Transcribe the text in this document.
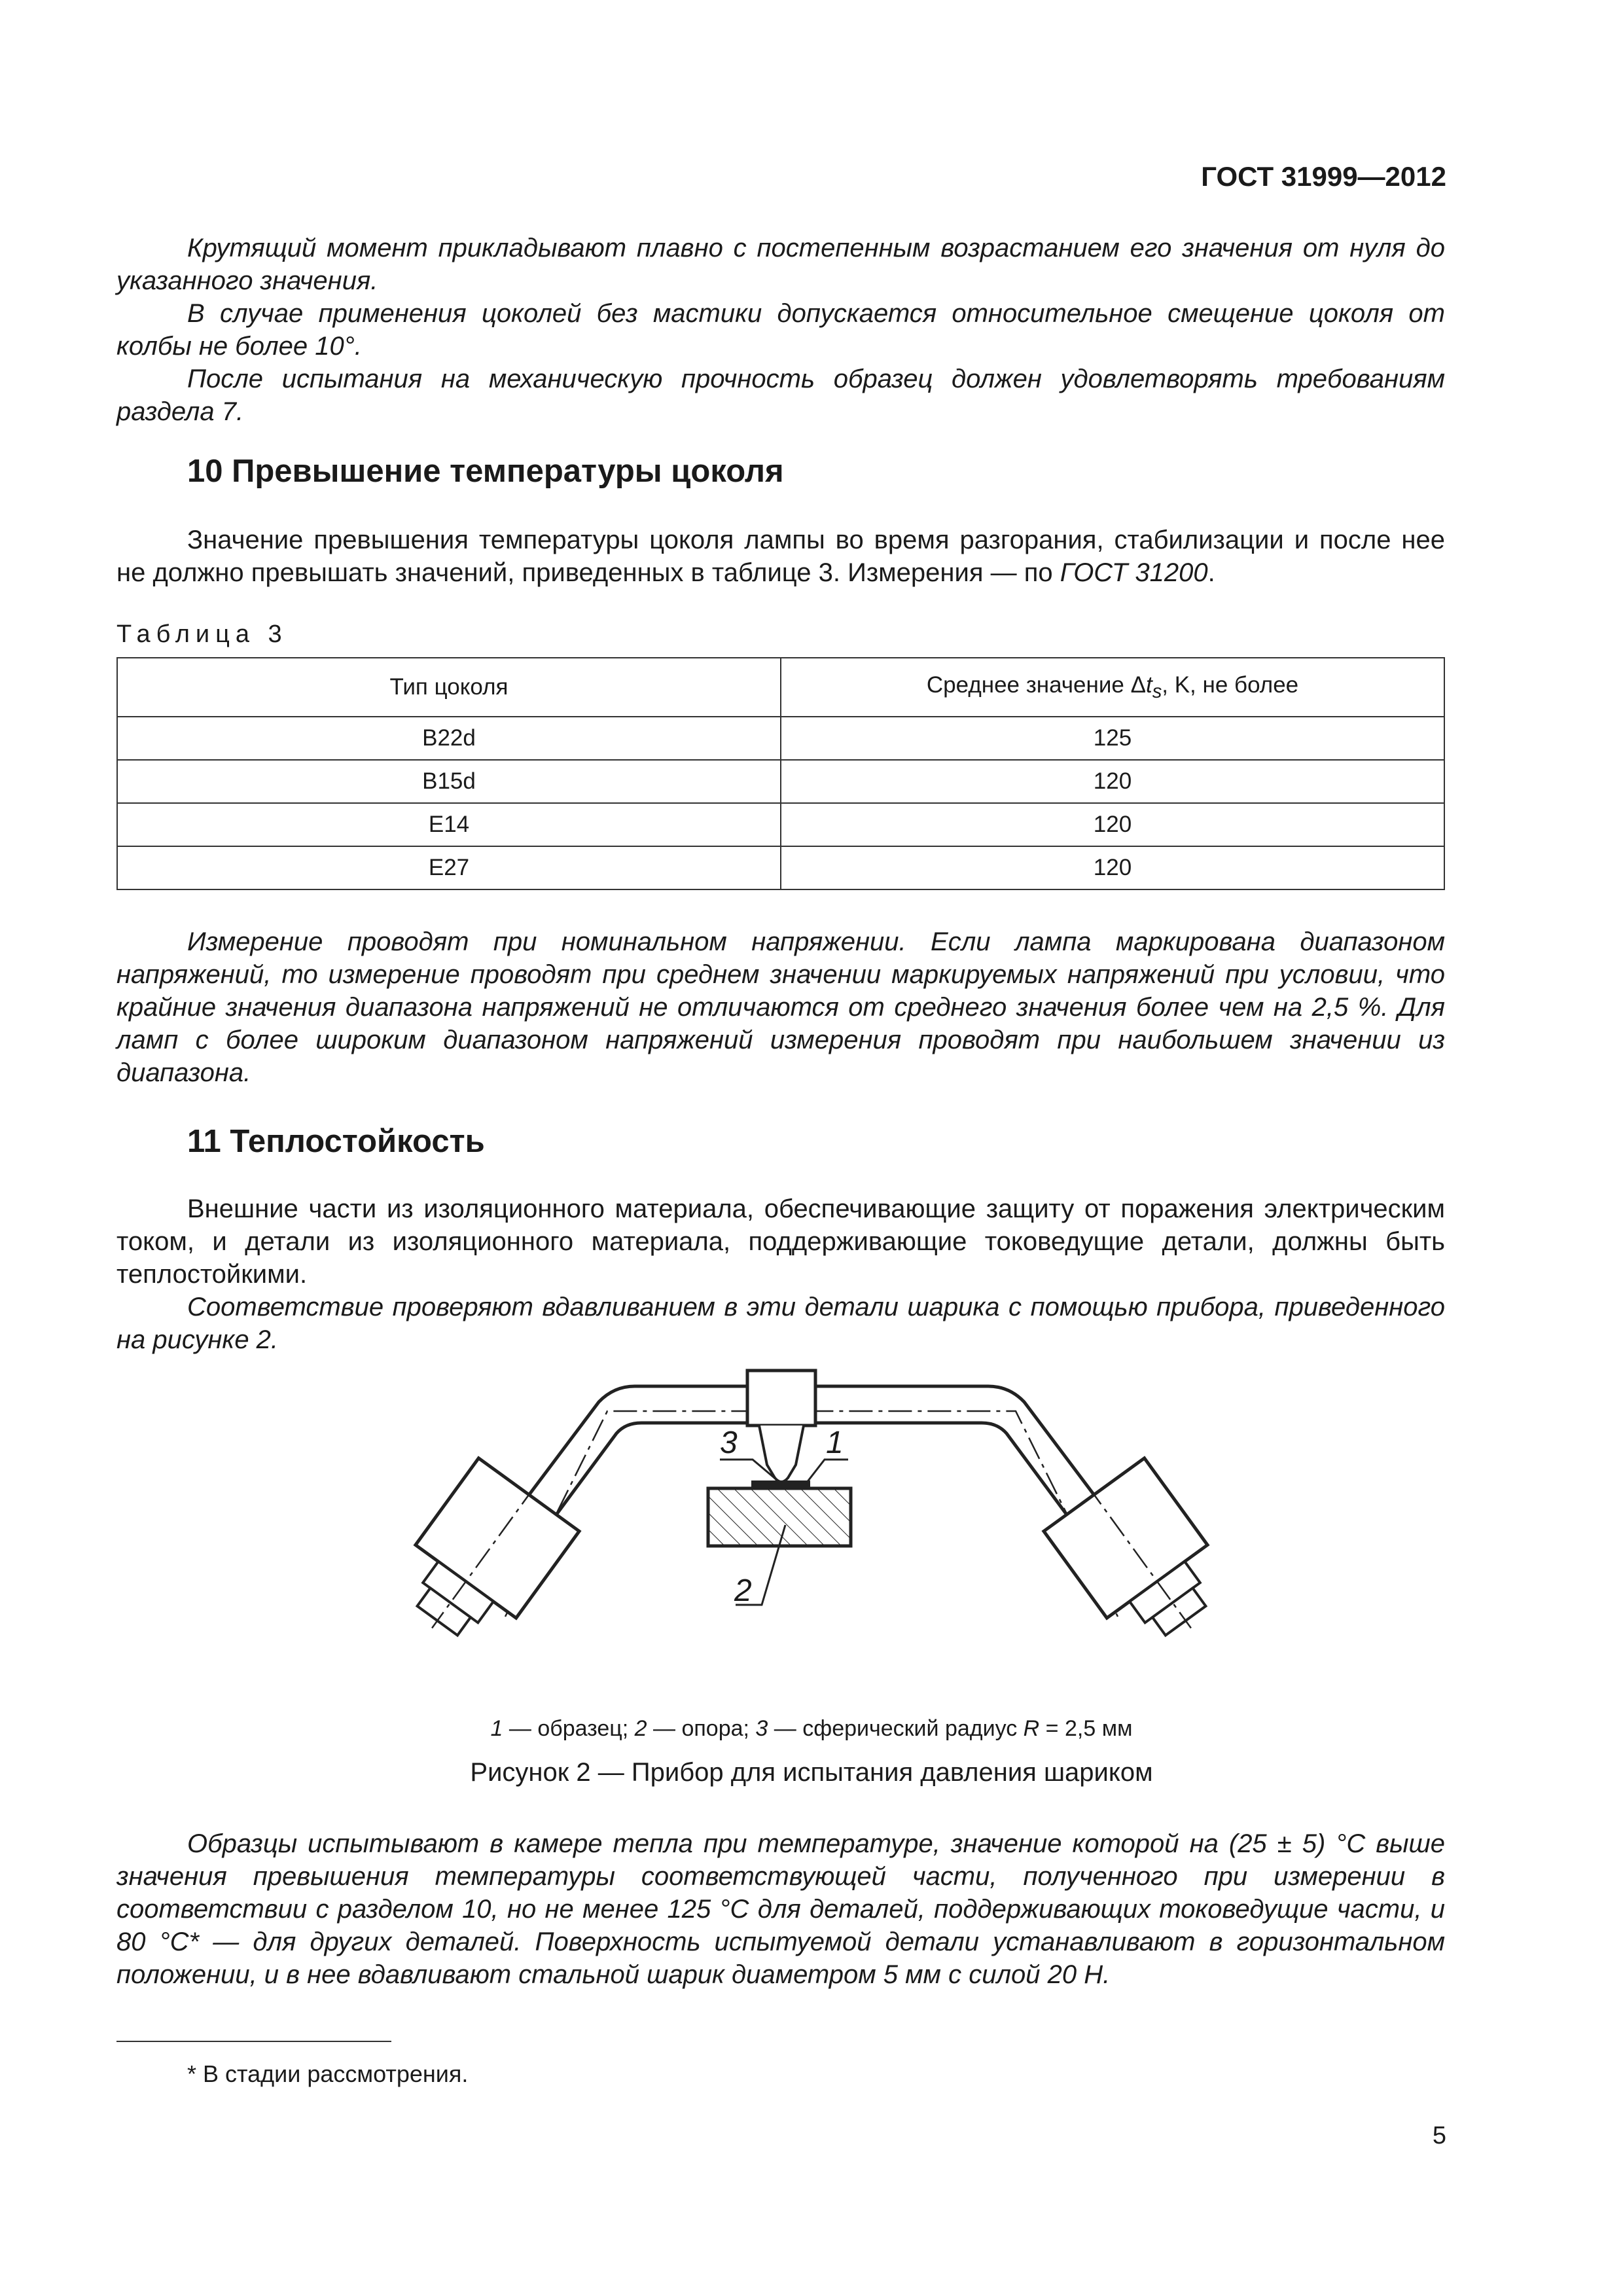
ГОСТ 31999—2012
Крутящий момент прикладывают плавно с постепенным возрастанием его значения от нуля до указанного значения.
В случае применения цоколей без мастики допускается относительное смещение цоколя от колбы не более 10°.
После испытания на механическую прочность образец должен удовлетворять требованиям раздела 7.
10 Превышение температуры цоколя
Значение превышения температуры цоколя лампы во время разгорания, стабилизации и после нее не должно превышать значений, приведенных в таблице 3. Измерения — по ГОСТ 31200.
Таблица 3
Тип цоколя	Среднее значение $\Delta t_s$, K, не более
B22d	125
B15d	120
E14	120
E27	120
Измерение проводят при номинальном напряжении. Если лампа маркирована диапазоном напряжений, то измерение проводят при среднем значении маркируемых напряжений при условии, что крайние значения диапазона напряжений не отличаются от среднего значения более чем на 2,5 %. Для ламп с более широким диапазоном напряжений измерения проводят при наибольшем значении из диапазона.
11 Теплостойкость
Внешние части из изоляционного материала, обеспечивающие защиту от поражения электрическим током, и детали из изоляционного материала, поддерживающие токоведущие детали, должны быть теплостойкими.
Соответствие проверяют вдавливанием в эти детали шарика с помощью прибора, приведенного на рисунке 2.
3	1
2
1 — образец; 2 — опора; 3 — сферический радиус R = 2,5 мм
Рисунок 2 — Прибор для испытания давления шариком
Образцы испытывают в камере тепла при температуре, значение которой на (25 ± 5) °С выше значения превышения температуры соответствующей части, полученного при измерении в соответствии с разделом 10, но не менее 125 °С для деталей, поддерживающих токоведущие части, и 80 °С* — для других деталей. Поверхность испытуемой детали устанавливают в горизонтальном положении, и в нее вдавливают стальной шарик диаметром 5 мм с силой 20 Н.
* В стадии рассмотрения.
5
